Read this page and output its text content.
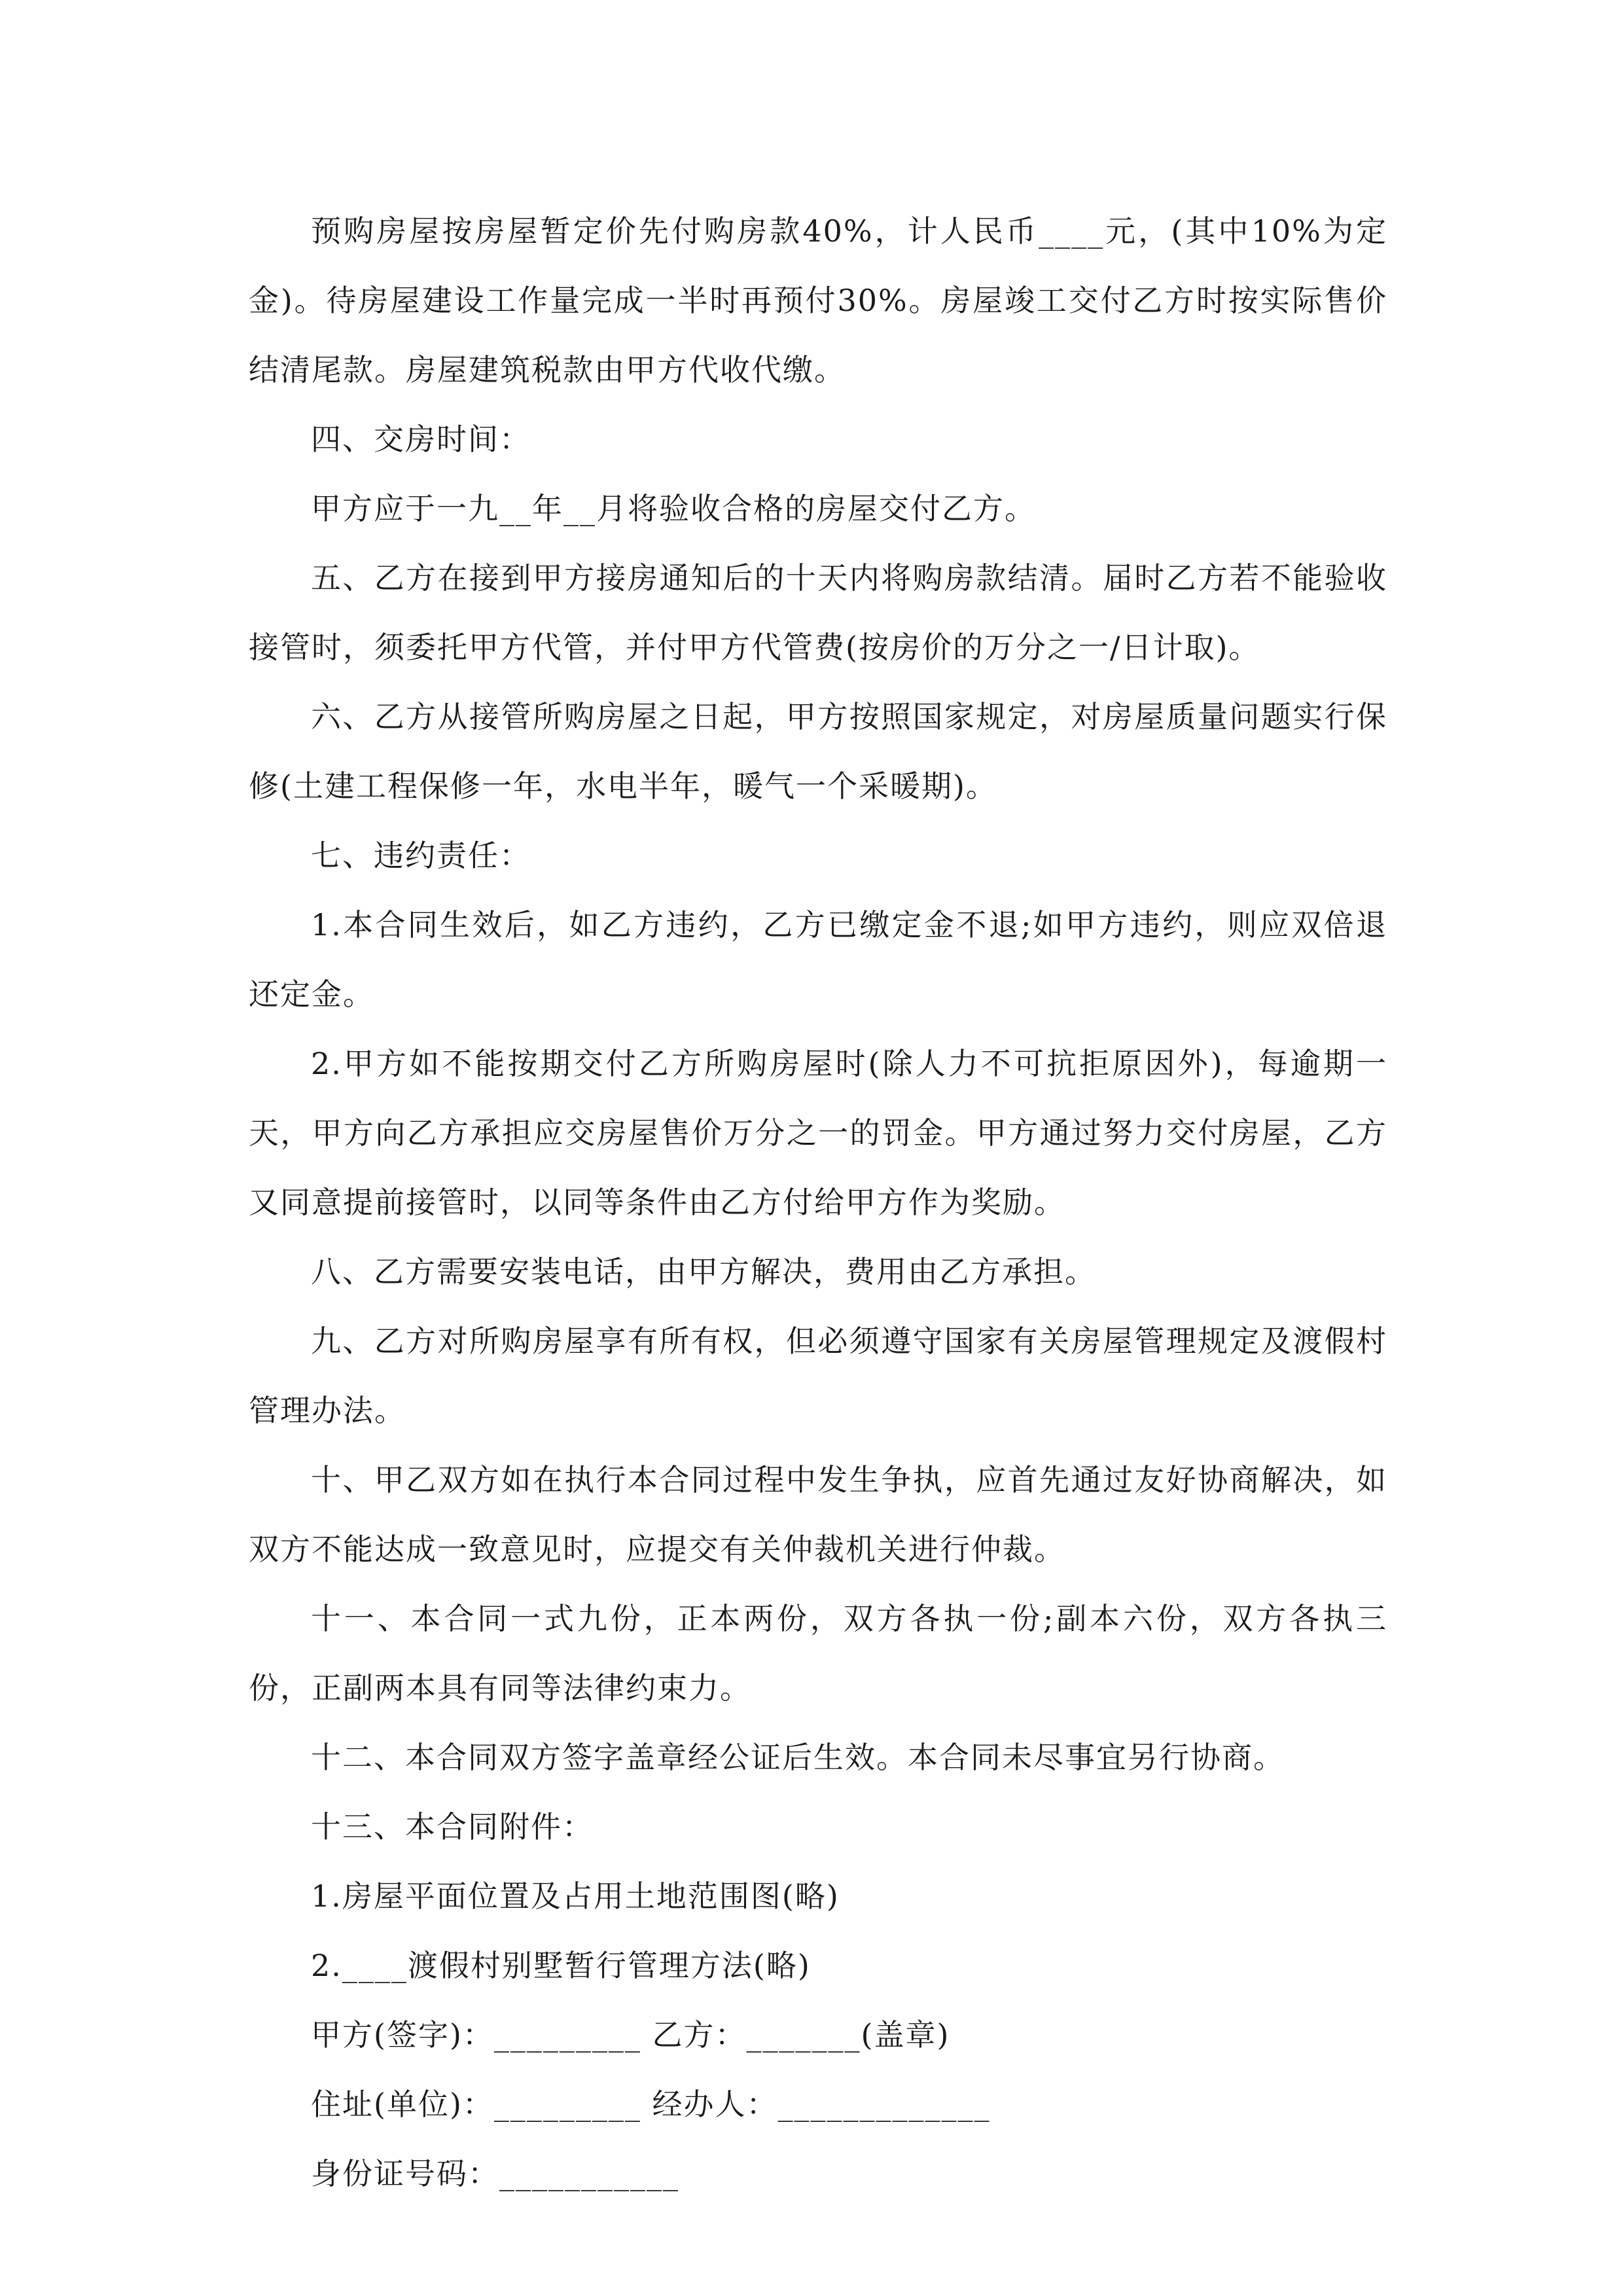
预购房屋按房屋暂定价先付购房款40%，计人民币____元，(其中10%为定金)。待房屋建设工作量完成一半时再预付30%。房屋竣工交付乙方时按实际售价结清尾款。房屋建筑税款由甲方代收代缴。

四、交房时间：

甲方应于一九__年__月将验收合格的房屋交付乙方。

五、乙方在接到甲方接房通知后的十天内将购房款结清。届时乙方若不能验收接管时，须委托甲方代管，并付甲方代管费(按房价的万分之一/日计取)。

六、乙方从接管所购房屋之日起，甲方按照国家规定，对房屋质量问题实行保修(土建工程保修一年，水电半年，暖气一个采暖期)。

七、违约责任：

1.本合同生效后，如乙方违约，乙方已缴定金不退;如甲方违约，则应双倍退还定金。

2.甲方如不能按期交付乙方所购房屋时(除人力不可抗拒原因外)，每逾期一天，甲方向乙方承担应交房屋售价万分之一的罚金。甲方通过努力交付房屋，乙方又同意提前接管时，以同等条件由乙方付给甲方作为奖励。

八、乙方需要安装电话，由甲方解决，费用由乙方承担。

九、乙方对所购房屋享有所有权，但必须遵守国家有关房屋管理规定及渡假村管理办法。

十、甲乙双方如在执行本合同过程中发生争执，应首先通过友好协商解决，如双方不能达成一致意见时，应提交有关仲裁机关进行仲裁。

十一、本合同一式九份，正本两份，双方各执一份;副本六份，双方各执三份，正副两本具有同等法律约束力。

十二、本合同双方签字盖章经公证后生效。本合同未尽事宜另行协商。

十三、本合同附件：

1.房屋平面位置及占用土地范围图(略)

2.____渡假村别墅暂行管理方法(略)

甲方(签字)：_________ 乙方：_______(盖章)

住址(单位)：_________ 经办人：_____________

身份证号码：___________
